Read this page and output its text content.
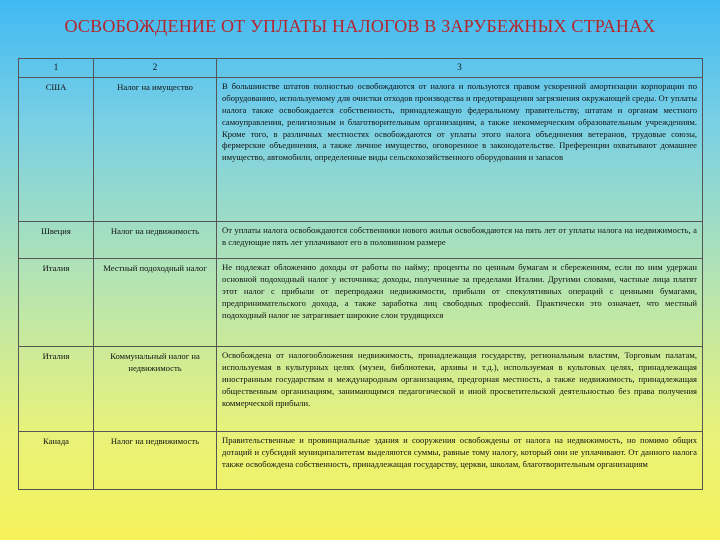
ОСВОБОЖДЕНИЕ ОТ УПЛАТЫ НАЛОГОВ В ЗАРУБЕЖНЫХ СТРАНАХ
1	2	3
США	Налог на имущество	В большинстве штатов полностью освобождаются от налога и пользуются правом ускоренной амортизации корпорации по оборудованию, используемому для очистки отходов производства и предотвращения загрязнения окружающей среды. От уплаты налога также освобождается собственность, принадлежащую федеральному правительству, штатам и органам местного самоуправления, религиозным и благотворительным организациям, а также некоммерческим образовательным учреждениям. Кроме того, в различных местностях освобождаются от уплаты этого налога объединения ветеранов, трудовые союзы, фермерские объединения, а также личное имущество, оговоренное в законодательстве. Преференции охватывают домашнее имущество, автомобили, определенные виды сельскохозяйственного оборудования и запасов
Швеция	Налог на недвижимость	От уплаты налога освобождаются собственники нового жилья освобождаются на пять лет от уплаты налога на недвижимость, а в следующие пять лет уплачивают его в половинном размере
Италия	Местный подоходный налог	Не подлежат обложению доходы от работы по найму; проценты по ценным бумагам и сбережениям, если по ним удержан основной подоходный налог у источника; доходы, полученные за пределами Италии. Другими словами, частные лица платят этот налог с прибыли от перепродажи недвижимости, прибыли от спекулятивных операций с ценными бумагами, предпринимательского дохода, а также заработка лиц свободных профессий. Практически это означает, что местный подоходный налог не затрагивает широкие слои трудящихся
Италия	Коммунальный налог на недвижимость	Освобождена от налогообложения недвижимость, принадлежащая государству, региональным властям, Торговым палатам, используемая в культурных целях (музеи, библиотеки, архивы и т.д.), используемая в культовых целях, принадлежащая иностранным государствам и международным организациям, предгорная местность, а также недвижимость, принадлежащая общественным организациям, занимающимся педагогической и иной просветительской деятельностью без права получения коммерческой прибыли.
Канада	Налог на недвижимость	Правительственные и провинциальные здания и сооружения освобождены от налога на недвижимость, но помимо общих дотаций и субсидий муниципалитетам выделяются суммы, равные тому налогу, который они не уплачивают. От данного налога также освобождена собственность, принадлежащая государству, церкви, школам, благотворительным организациям
